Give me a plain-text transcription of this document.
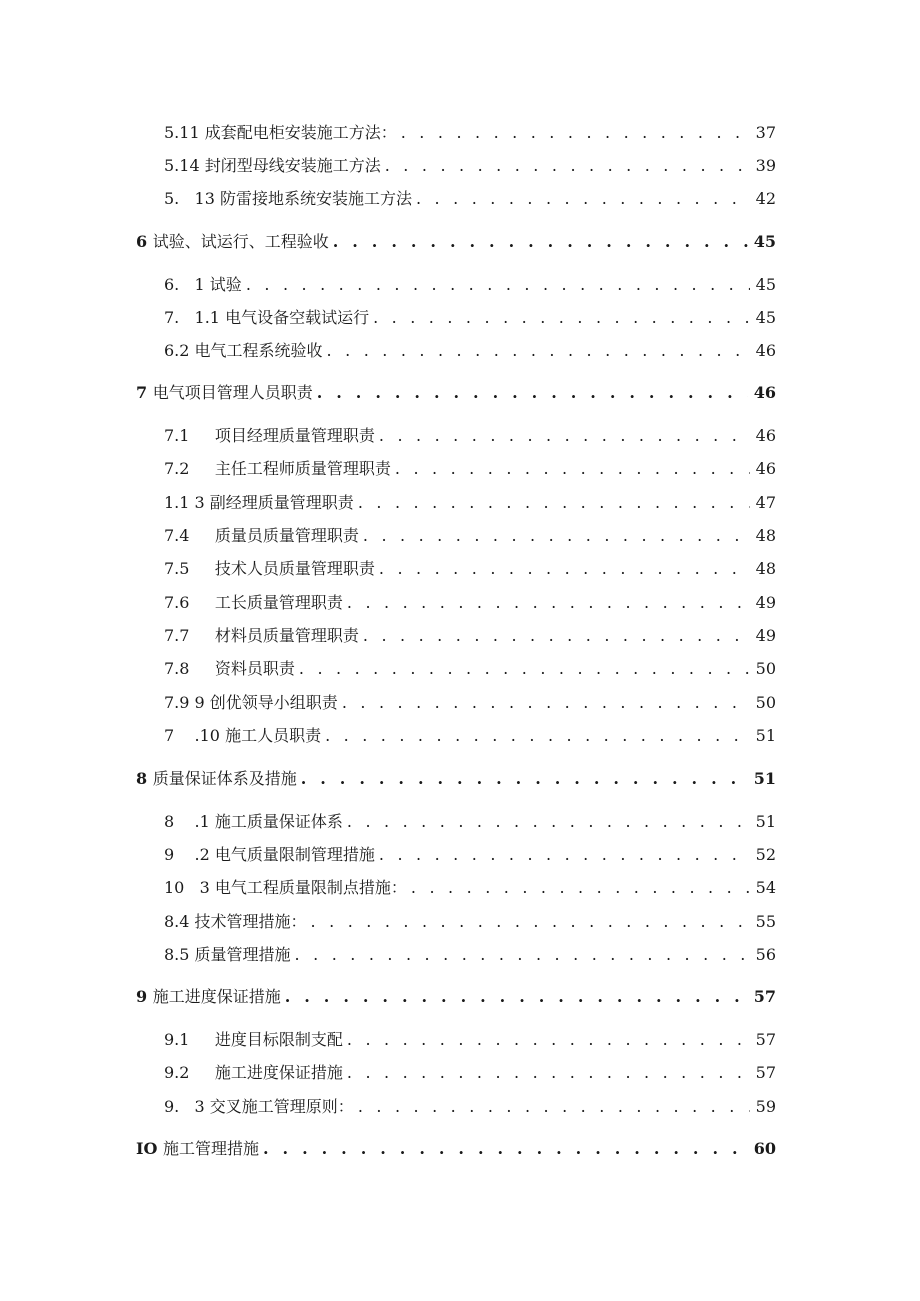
5.11 成套配电柜安装施工方法： . . .	37
5.14 封闭型母线安装施工方法 . . .	39
5.   13 防雷接地系统安装施工方法 . . .	42
6 试验、试运行、工程验收 . . .	45
6.   1 试验 . . .	45
7.   1.1 电气设备空载试运行 . . .	45
6.2 电气工程系统验收 . . .	46
7 电气项目管理人员职责 . . .	46
7.1 项目经理质量管理职责 . . .	46
7.2 主任工程师质量管理职责 . . .	46
1.1 3 副经理质量管理职责 . . .	47
7.4 质量员质量管理职责 . . .	48
7.5 技术人员质量管理职责 . . .	48
7.6 工长质量管理职责 . . .	49
7.7 材料员质量管理职责 . . .	49
7.8 资料员职责 . . .	50
7.9 9 创优领导小组职责 . . .	50
7    .10 施工人员职责 . . .	51
8 质量保证体系及措施 . . .	51
8    .1 施工质量保证体系 . . .	51
9    .2 电气质量限制管理措施 . . .	52
10   3 电气工程质量限制点措施： . . .	54
8.4 技术管理措施： . . .	55
8.5 质量管理措施 . . .	56
9 施工进度保证措施 . . .	57
9.1 进度目标限制支配 . . .	57
9.2 施工进度保证措施 . . .	57
9.   3 交叉施工管理原则： . . .	59
IO 施工管理措施 . . .	60
